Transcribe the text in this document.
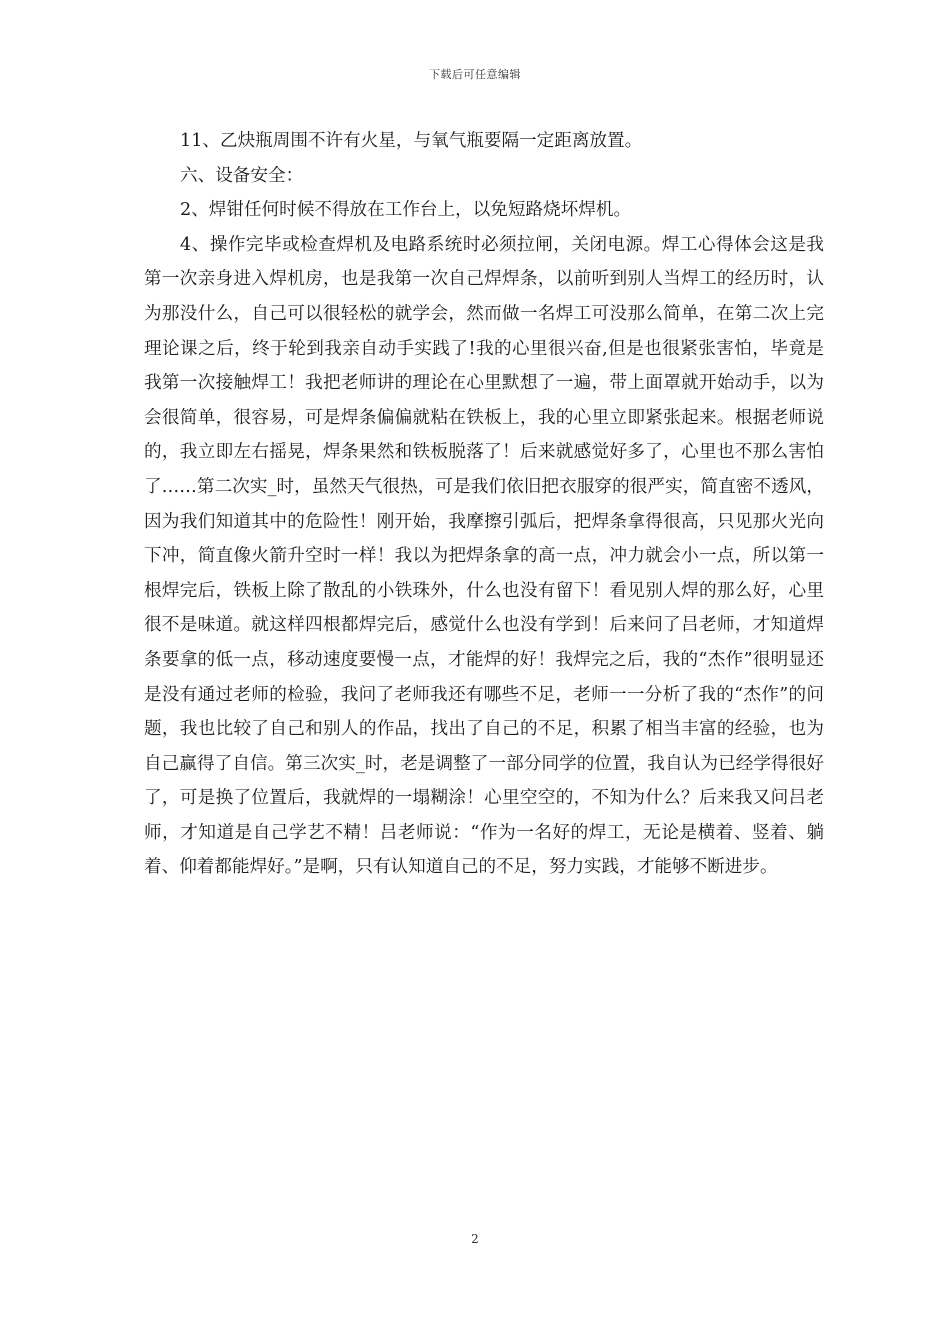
下载后可任意编辑

11、乙炔瓶周围不许有火星，与氧气瓶要隔一定距离放置。

六、设备安全：

2、焊钳任何时候不得放在工作台上，以免短路烧坏焊机。

4、操作完毕或检查焊机及电路系统时必须拉闸，关闭电源。焊工心得体会这是我第一次亲身进入焊机房，也是我第一次自己焊焊条，以前听到别人当焊工的经历时，认为那没什么，自己可以很轻松的就学会，然而做一名焊工可没那么简单，在第二次上完理论课之后，终于轮到我亲自动手实践了!我的心里很兴奋,但是也很紧张害怕，毕竟是我第一次接触焊工！我把老师讲的理论在心里默想了一遍，带上面罩就开始动手，以为会很简单，很容易，可是焊条偏偏就粘在铁板上，我的心里立即紧张起来。根据老师说的，我立即左右摇晃，焊条果然和铁板脱落了！后来就感觉好多了，心里也不那么害怕了……第二次实_时，虽然天气很热，可是我们依旧把衣服穿的很严实，简直密不透风，因为我们知道其中的危险性！刚开始，我摩擦引弧后，把焊条拿得很高，只见那火光向下冲，简直像火箭升空时一样！我以为把焊条拿的高一点，冲力就会小一点，所以第一根焊完后，铁板上除了散乱的小铁珠外，什么也没有留下！看见别人焊的那么好，心里很不是味道。就这样四根都焊完后，感觉什么也没有学到！后来问了吕老师，才知道焊条要拿的低一点，移动速度要慢一点，才能焊的好！我焊完之后，我的“杰作”很明显还是没有通过老师的检验，我问了老师我还有哪些不足，老师一一分析了我的“杰作”的问题，我也比较了自己和别人的作品，找出了自己的不足，积累了相当丰富的经验，也为自己赢得了自信。第三次实_时，老是调整了一部分同学的位置，我自认为已经学得很好了，可是换了位置后，我就焊的一塌糊涂！心里空空的，不知为什么？后来我又问吕老师，才知道是自己学艺不精！吕老师说：“作为一名好的焊工，无论是横着、竖着、躺着、仰着都能焊好。”是啊，只有认知道自己的不足，努力实践，才能够不断进步。

2
